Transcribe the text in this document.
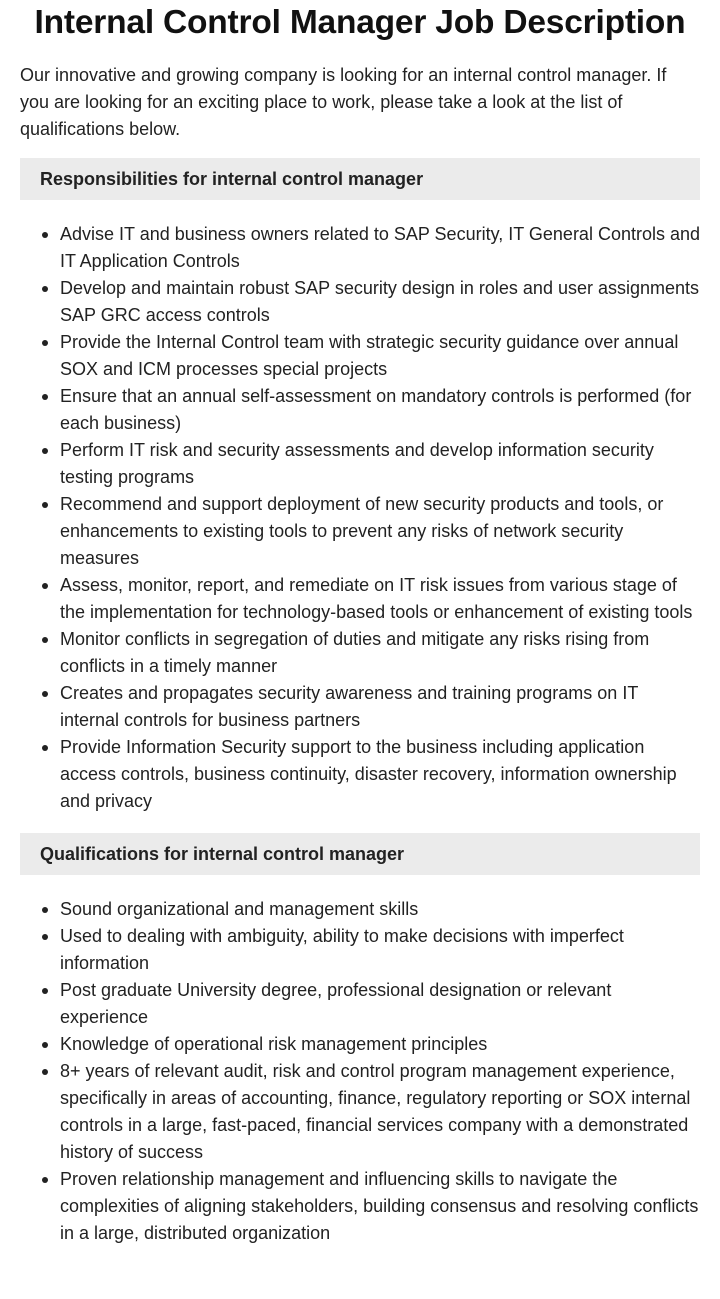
Internal Control Manager Job Description

Our innovative and growing company is looking for an internal control manager. If you are looking for an exciting place to work, please take a look at the list of qualifications below.

Responsibilities for internal control manager
Advise IT and business owners related to SAP Security, IT General Controls and IT Application Controls
Develop and maintain robust SAP security design in roles and user assignments SAP GRC access controls
Provide the Internal Control team with strategic security guidance over annual SOX and ICM processes special projects
Ensure that an annual self-assessment on mandatory controls is performed (for each business)
Perform IT risk and security assessments and develop information security testing programs
Recommend and support deployment of new security products and tools, or enhancements to existing tools to prevent any risks of network security measures
Assess, monitor, report, and remediate on IT risk issues from various stage of the implementation for technology-based tools or enhancement of existing tools
Monitor conflicts in segregation of duties and mitigate any risks rising from conflicts in a timely manner
Creates and propagates security awareness and training programs on IT internal controls for business partners
Provide Information Security support to the business including application access controls, business continuity, disaster recovery, information ownership and privacy
Qualifications for internal control manager
Sound organizational and management skills
Used to dealing with ambiguity, ability to make decisions with imperfect information
Post graduate University degree, professional designation or relevant experience
Knowledge of operational risk management principles
8+ years of relevant audit, risk and control program management experience, specifically in areas of accounting, finance, regulatory reporting or SOX internal controls in a large, fast-paced, financial services company with a demonstrated history of success
Proven relationship management and influencing skills to navigate the complexities of aligning stakeholders, building consensus and resolving conflicts in a large, distributed organization
